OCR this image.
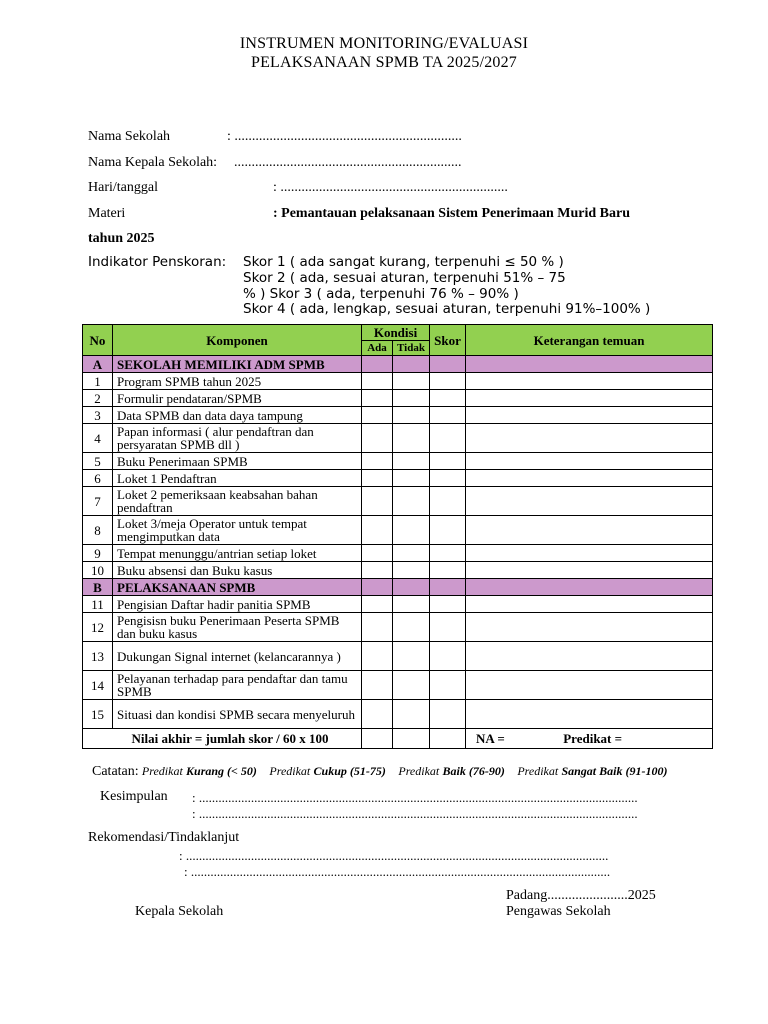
INSTRUMEN MONITORING/EVALUASI
PELAKSANAAN SPMB TA 2025/2027
Nama Sekolah	: .................................................................
Nama Kepala Sekolah: .................................................................
Hari/tanggal	: .................................................................
Materi	: Pemantauan pelaksanaan Sistem Penerimaan Murid Baru
tahun 2025
Indikator Penskoran: Skor 1 ( ada sangat kurang, terpenuhi ≤ 50 % )
Skor 2 ( ada, sesuai aturan, terpenuhi 51% – 75
% ) Skor 3 ( ada, terpenuhi 76 % – 90% )
Skor 4 ( ada, lengkap, sesuai aturan, terpenuhi 91%–100% )
No	Komponen	Kondisi		Skor	Keterangan temuan
		Ada	Tidak		
A	SEKOLAH MEMILIKI ADM SPMB				
1	Program SPMB tahun 2025				
2	Formulir pendataran/SPMB				
3	Data SPMB dan data daya tampung				
4	Papan informasi ( alur pendaftran dan persyaratan SPMB dll )				
5	Buku Penerimaan SPMB				
6	Loket 1 Pendaftran				
7	Loket 2 pemeriksaan keabsahan bahan pendaftran				
8	Loket 3/meja Operator untuk tempat mengimputkan data				
9	Tempat menunggu/antrian setiap loket				
10	Buku absensi dan Buku kasus				
B	PELAKSANAAN SPMB				
11	Pengisian Daftar hadir panitia SPMB				
12	Pengisisn buku Penerimaan Peserta SPMB dan buku kasus				
13	Dukungan Signal internet (kelancarannya )				
14	Pelayanan terhadap para pendaftar dan tamu SPMB				
15	Situasi dan kondisi SPMB secara menyeluruh				
Nilai akhir = jumlah skor / 60 x 100					NA = Predikat =
Catatan: Predikat Kurang (< 50) Predikat Cukup (51-75) Predikat Baik (76-90) Predikat Sangat Baik (91-100)
Kesimpulan : .......................................................................................................................................
: .......................................................................................................................................
Rekomendasi/Tindaklanjut
: ..................................................................................................................................
: .................................................................................................................................
Padang.......................2025
Kepala Sekolah	Pengawas Sekolah
